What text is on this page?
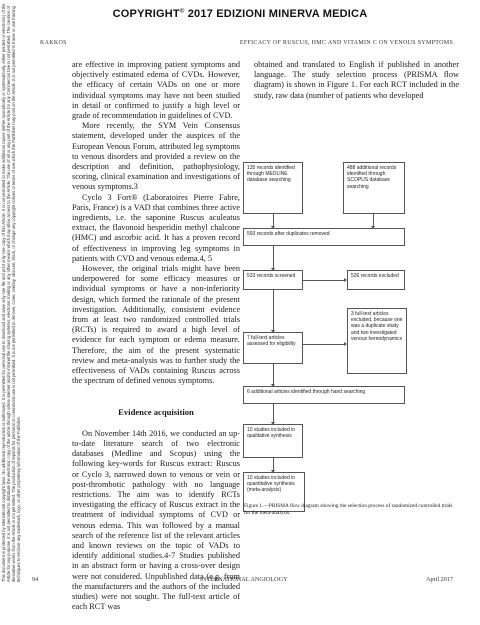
COPYRIGHT© 2017 EDIZIONI MINERVA MEDICA
KAKKOS	EFFICACY OF RUSCUS, HMC AND VITAMIN C ON VENOUS SYMPTOMS
This document is protected by international copyright laws. No additional reproduction is authorized. It is permitted for personal use to download and save only one file and print only one copy of this Article. It is not permitted to make additional copies (either sporadically or systematically, either printed or electronic) of the Article for any purpose. It is not permitted to distribute the electronic copy of the article through online internet and/or intranet file sharing systems, electronic mailing or any other means which may allow access to the Article. The use of all or any part of the Article for any Commercial Use is not permitted. The creation of derivative works from the Article is not permitted. The production of reprints for personal or commercial use is not permitted. It is not permitted to remove, cover, overlay, obscure, block, or change any copyright notices or terms of use which the Publisher may post on the Article. It is not permitted to frame or use framing techniques to enclose any trademark, logo, or other proprietary information of the Publisher.

are effective in improving patient symptoms and objectively estimated edema of CVDs. However, the efficacy of certain VADs on one or more individual symptoms may have not been studied in detail or confirmed to justify a high level or grade of recommendation in guidelines of CVD.

More recently, the SYM Vein Consensus statement, developed under the auspices of the European Venous Forum, attributed leg symptoms to venous disorders and provided a review on the description and definition, pathophysiology, scoring, clinical examination and investigations of venous symptoms.3

Cyclo 3 Fort® (Laboratoires Pierre Fabre, Paris, France) is a VAD that combines three active ingredients, i.e. the saponine Ruscus aculeatus extract, the flavonoid hesperidin methyl chalcone (HMC) and ascorbic acid. It has a proven record of effectiveness in improving leg symptoms in patients with CVD and venous edema.4, 5

However, the original trials might have been underpowered for some efficacy measures or individual symptoms or have a non-inferiority design, which formed the rationale of the present investigation. Additionally, consistent evidence from at least two randomized controlled trials (RCTs) is required to award a high level of evidence for each symptom or edema measure. Therefore, the aim of the present systematic review and meta-analysis was to further study the effectiveness of VADs containing Ruscus across the spectrum of defined venous symptoms.

Evidence acquisition

On November 14th 2016, we conducted an up-to-date literature search of two electronic databases (Medline and Scopus) using the following key-words for Ruscus extract: Ruscus or Cyclo 3, narrowed down to venous or vein or post-thrombotic pathology with no language restrictions. The aim was to identify RCTs investigating the efficacy of Ruscus extract in the treatment of individual symptoms of CVD or venous edema. This was followed by a manual search of the reference list of the relevant articles and known reviews on the topic of VADs to identify additional studies.4-7 Studies published in an abstract form or having a cross-over design were not considered. Unpublished data (e.g. from the manufacturers and the authors of the included studies) were not sought. The full-text article of each RCT was

obtained and translated to English if published in another language. The study selection process (PRISMA flow diagram) is shown in Figure 1. For each RCT included in the study, raw data (number of patients who developed

135 records identified through MEDLINE database searching
488 additional records identified through SCOPUS database searching
593 records after duplicates removed
533 records screened	526 records excluded
7 full-text articles assessed for eligibility
3 full-text articles excluded, because one was a duplicate study and two investigated venous hemodynamics
6 additional articles identified through hand searching
10 studies included in qualitative synthesis
10 studies included in quantitative synthesis (meta-analysis)
Figure 1.—PRISMA flow diagram showing the selection process of randomized controlled trials for the meta-analysis.
94	INTERNATIONAL ANGIOLOGY	April 2017
